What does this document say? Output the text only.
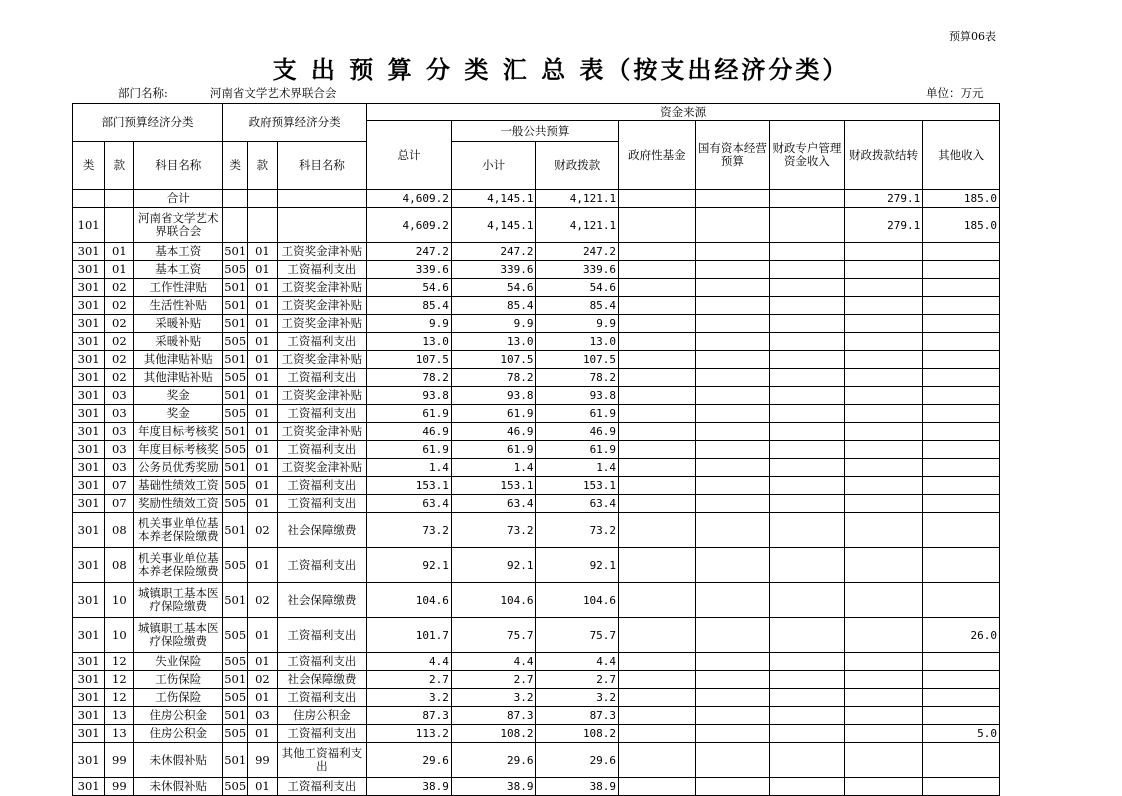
预算06表
支 出 预 算 分 类 汇 总 表（按支出经济分类）
部门名称:	河南省文学艺术界联合会	单位：万元
部门预算经济分类			政府预算经济分类			资金来源							
						总计	一般公共预算		政府性基金	国有资本经营预算	财政专户管理资金收入	财政拨款结转	其他收入
类	款	科目名称	类	款	科目名称		小计	财政拨款					
		合计				4,609.2	4,145.1	4,121.1				279.1	185.0
101		河南省文学艺术界联合会				4,609.2	4,145.1	4,121.1				279.1	185.0
301	01	基本工资	501	01	工资奖金津补贴	247.2	247.2	247.2					
301	01	基本工资	505	01	工资福利支出	339.6	339.6	339.6					
301	02	工作性津贴	501	01	工资奖金津补贴	54.6	54.6	54.6					
301	02	生活性补贴	501	01	工资奖金津补贴	85.4	85.4	85.4					
301	02	采暖补贴	501	01	工资奖金津补贴	9.9	9.9	9.9					
301	02	采暖补贴	505	01	工资福利支出	13.0	13.0	13.0					
301	02	其他津贴补贴	501	01	工资奖金津补贴	107.5	107.5	107.5					
301	02	其他津贴补贴	505	01	工资福利支出	78.2	78.2	78.2					
301	03	奖金	501	01	工资奖金津补贴	93.8	93.8	93.8					
301	03	奖金	505	01	工资福利支出	61.9	61.9	61.9					
301	03	年度目标考核奖	501	01	工资奖金津补贴	46.9	46.9	46.9					
301	03	年度目标考核奖	505	01	工资福利支出	61.9	61.9	61.9					
301	03	公务员优秀奖励	501	01	工资奖金津补贴	1.4	1.4	1.4					
301	07	基础性绩效工资	505	01	工资福利支出	153.1	153.1	153.1					
301	07	奖励性绩效工资	505	01	工资福利支出	63.4	63.4	63.4					
301	08	机关事业单位基本养老保险缴费	501	02	社会保障缴费	73.2	73.2	73.2					
301	08	机关事业单位基本养老保险缴费	505	01	工资福利支出	92.1	92.1	92.1					
301	10	城镇职工基本医疗保险缴费	501	02	社会保障缴费	104.6	104.6	104.6					
301	10	城镇职工基本医疗保险缴费	505	01	工资福利支出	101.7	75.7	75.7					26.0
301	12	失业保险	505	01	工资福利支出	4.4	4.4	4.4					
301	12	工伤保险	501	02	社会保障缴费	2.7	2.7	2.7					
301	12	工伤保险	505	01	工资福利支出	3.2	3.2	3.2					
301	13	住房公积金	501	03	住房公积金	87.3	87.3	87.3					
301	13	住房公积金	505	01	工资福利支出	113.2	108.2	108.2					5.0
301	99	未休假补贴	501	99	其他工资福利支出	29.6	29.6	29.6					
301	99	未休假补贴	505	01	工资福利支出	38.9	38.9	38.9					
